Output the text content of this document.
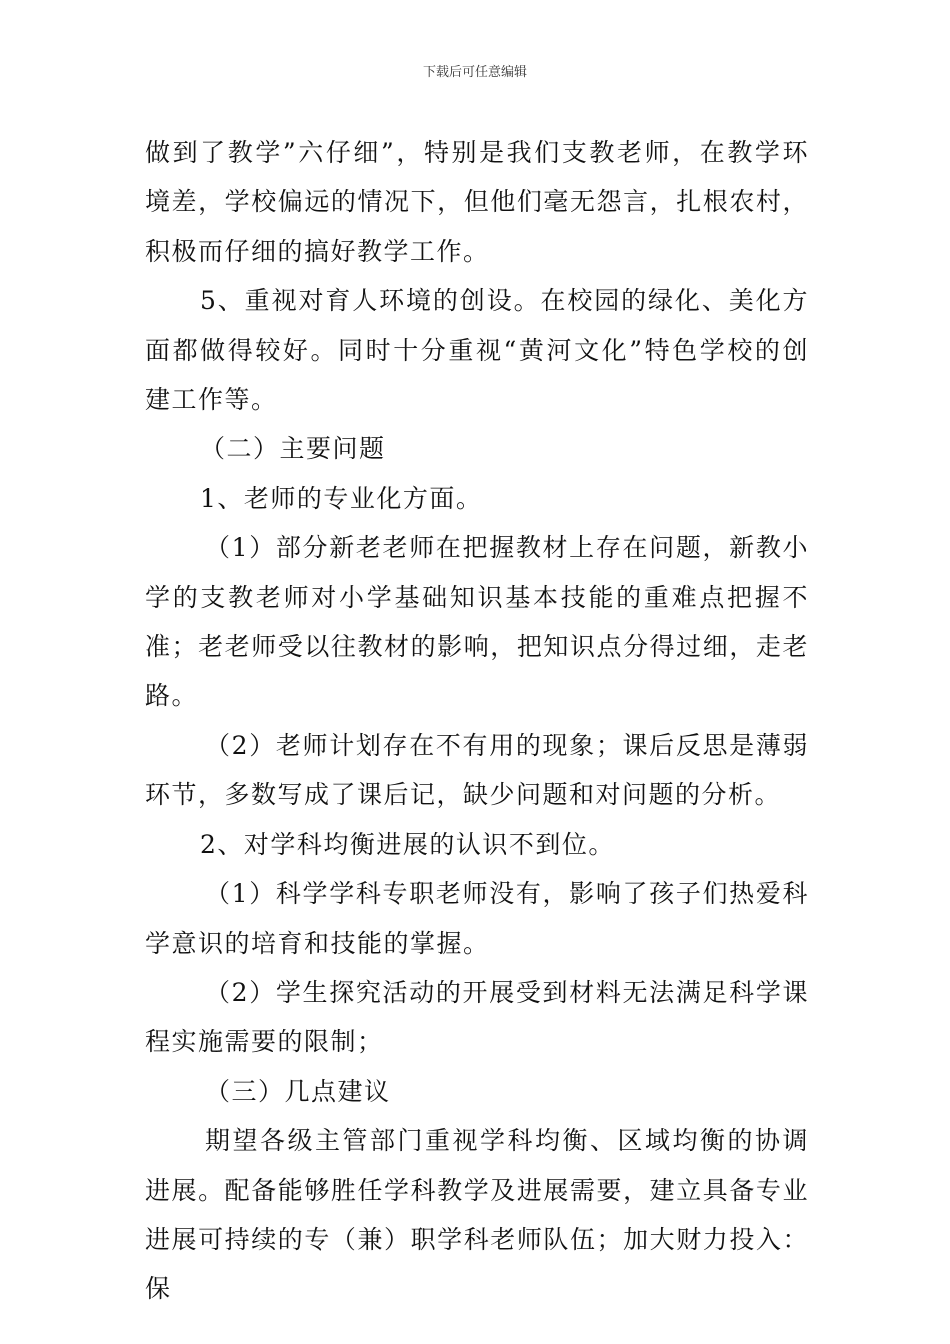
下载后可任意编辑

做到了教学”六仔细”，特别是我们支教老师，在教学环境差，学校偏远的情况下，但他们毫无怨言，扎根农村，积极而仔细的搞好教学工作。

5、重视对育人环境的创设。在校园的绿化、美化方面都做得较好。同时十分重视“黄河文化”特色学校的创建工作等。

（二）主要问题

1、老师的专业化方面。

（1）部分新老老师在把握教材上存在问题，新教小学的支教老师对小学基础知识基本技能的重难点把握不准；老老师受以往教材的影响，把知识点分得过细，走老路。

（2）老师计划存在不有用的现象；课后反思是薄弱环节，多数写成了课后记，缺少问题和对问题的分析。

2、对学科均衡进展的认识不到位。

（1）科学学科专职老师没有，影响了孩子们热爱科学意识的培育和技能的掌握。

（2）学生探究活动的开展受到材料无法满足科学课程实施需要的限制；

（三）几点建议

期望各级主管部门重视学科均衡、区域均衡的协调进展。配备能够胜任学科教学及进展需要，建立具备专业进展可持续的专（兼）职学科老师队伍；加大财力投入：保
